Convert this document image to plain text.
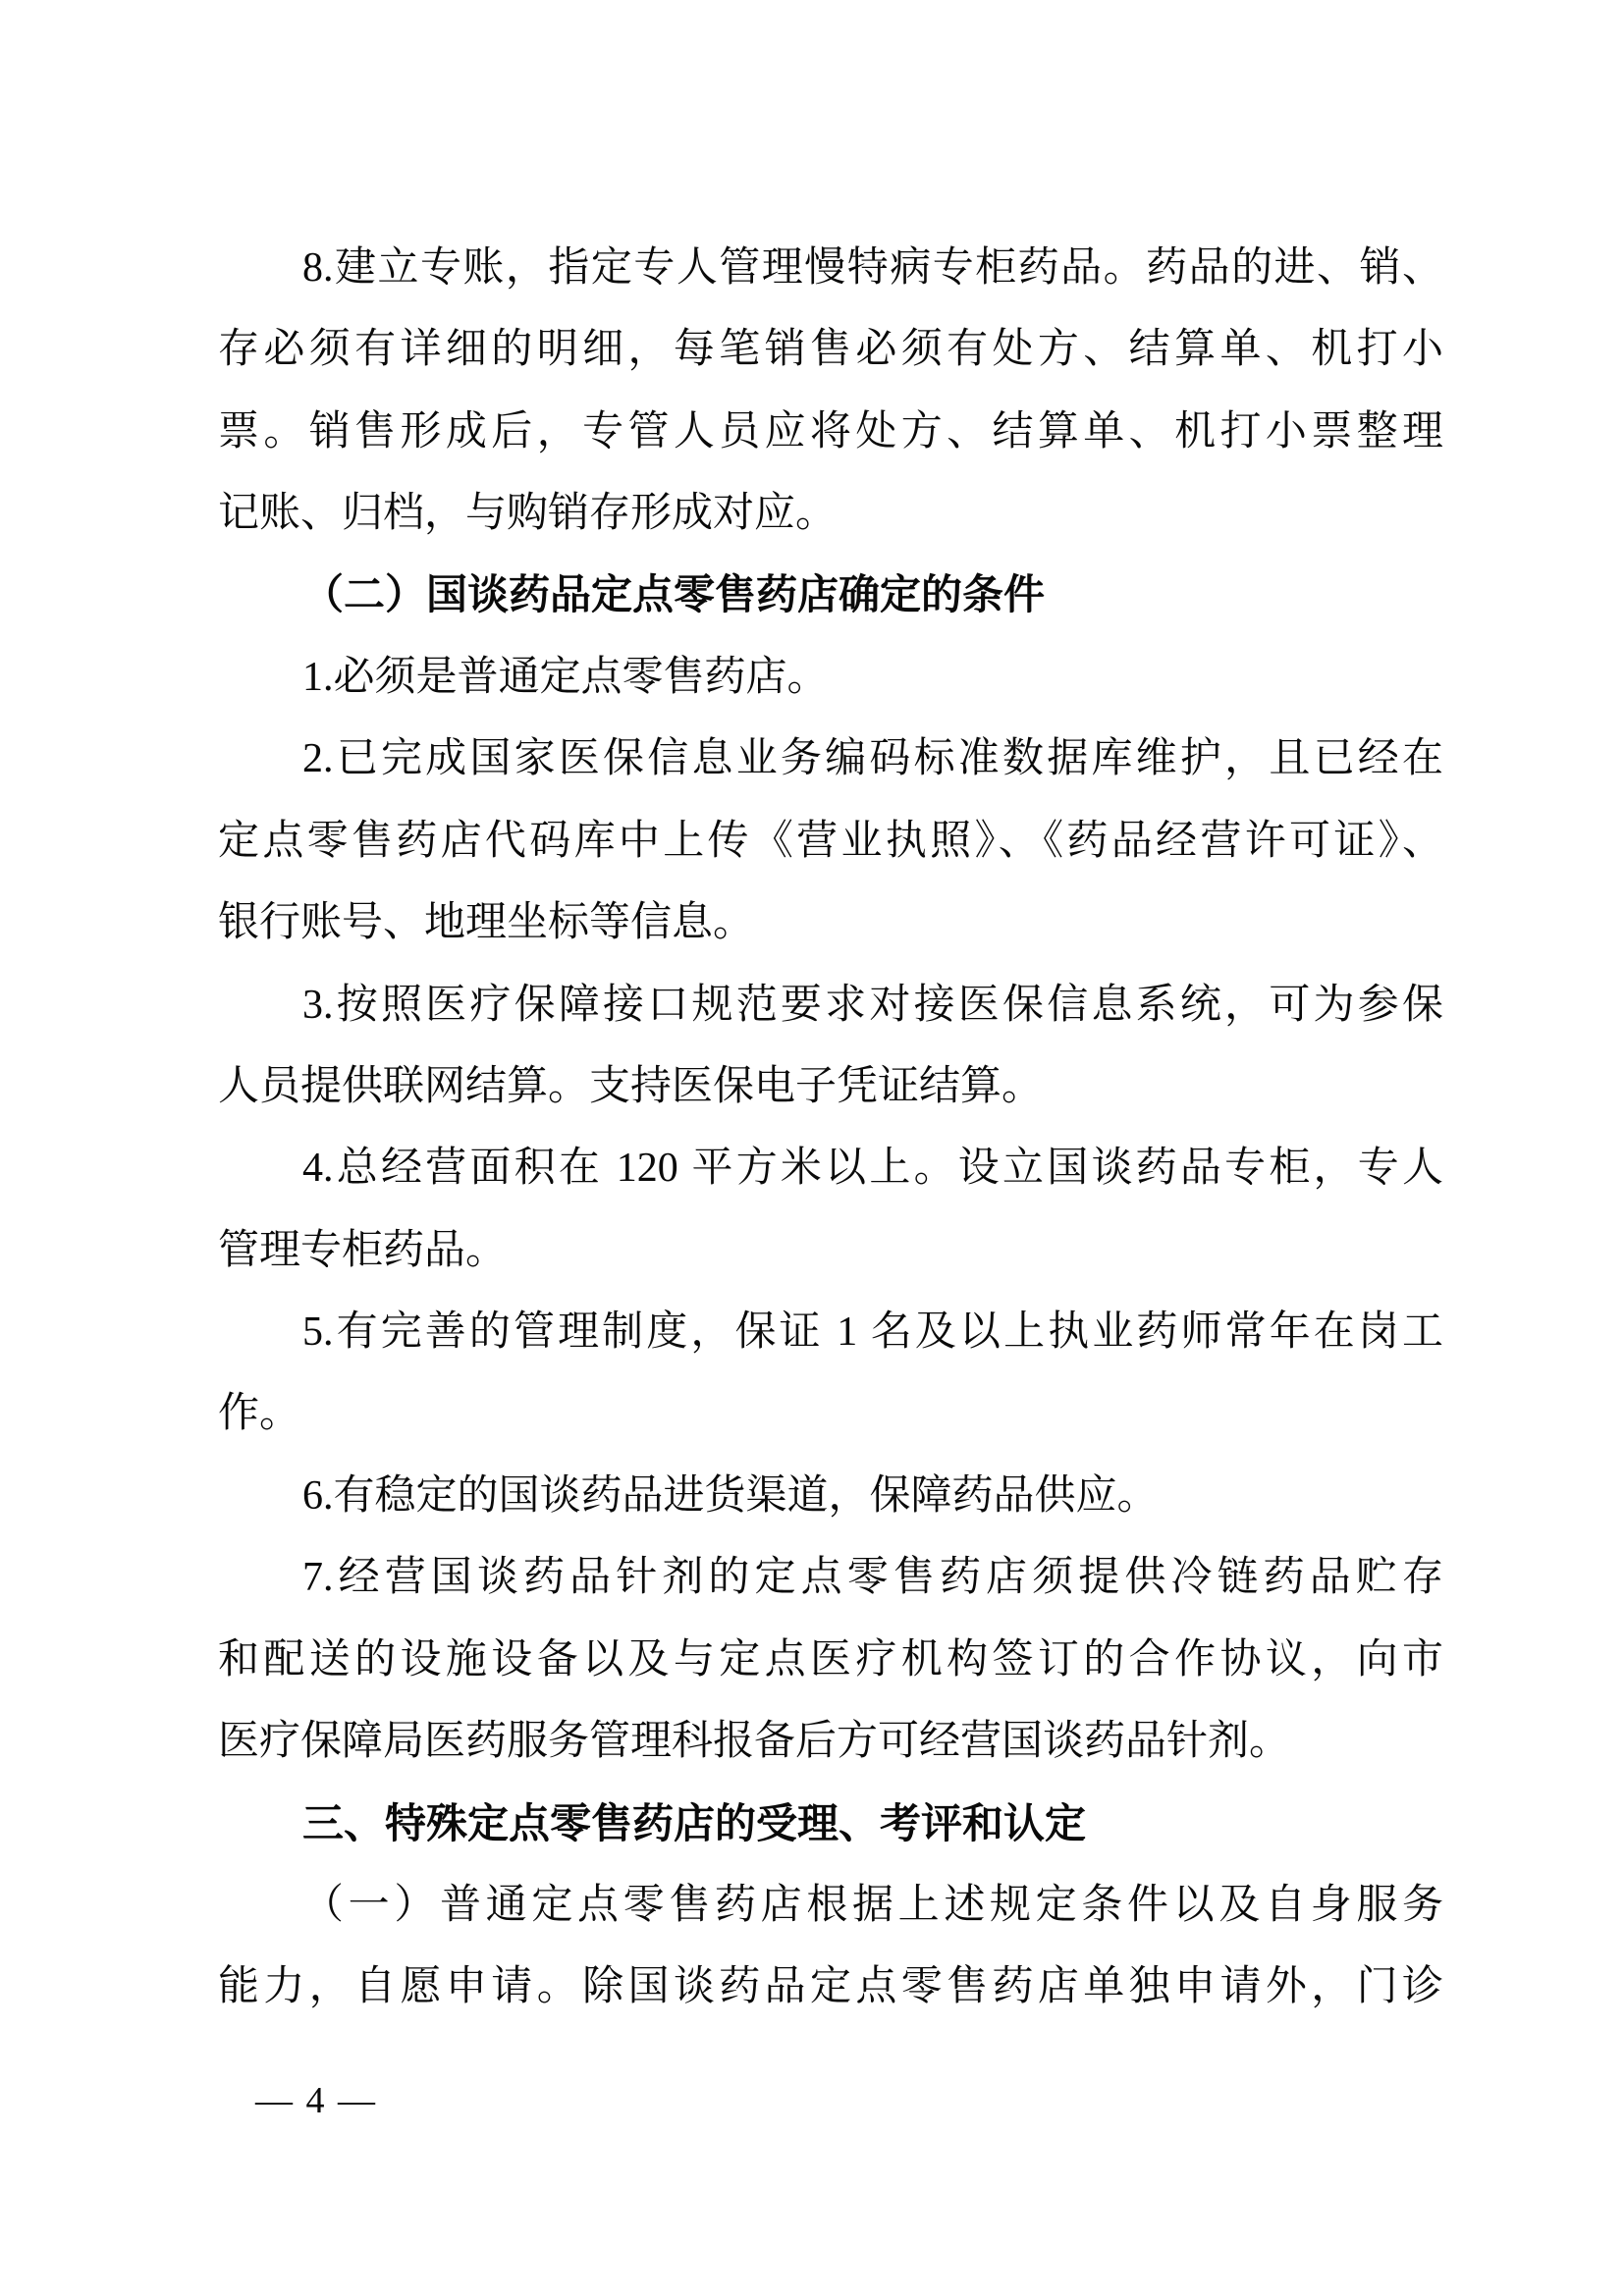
8.建立专账，指定专人管理慢特病专柜药品。药品的进、销、
存必须有详细的明细，每笔销售必须有处方、结算单、机打小
票。销售形成后，专管人员应将处方、结算单、机打小票整理
记账、归档，与购销存形成对应。
（二）国谈药品定点零售药店确定的条件
1.必须是普通定点零售药店。
2.已完成国家医保信息业务编码标准数据库维护，且已经在
定点零售药店代码库中上传《营业执照》、《药品经营许可证》、
银行账号、地理坐标等信息。
3.按照医疗保障接口规范要求对接医保信息系统，可为参保
人员提供联网结算。支持医保电子凭证结算。
4.总经营面积在 120 平方米以上。设立国谈药品专柜，专人
管理专柜药品。
5.有完善的管理制度，保证 1 名及以上执业药师常年在岗工
作。
6.有稳定的国谈药品进货渠道，保障药品供应。
7.经营国谈药品针剂的定点零售药店须提供冷链药品贮存
和配送的设施设备以及与定点医疗机构签订的合作协议，向市
医疗保障局医药服务管理科报备后方可经营国谈药品针剂。
三、特殊定点零售药店的受理、考评和认定
（一）普通定点零售药店根据上述规定条件以及自身服务
能力，自愿申请。除国谈药品定点零售药店单独申请外，门诊
— 4 —
